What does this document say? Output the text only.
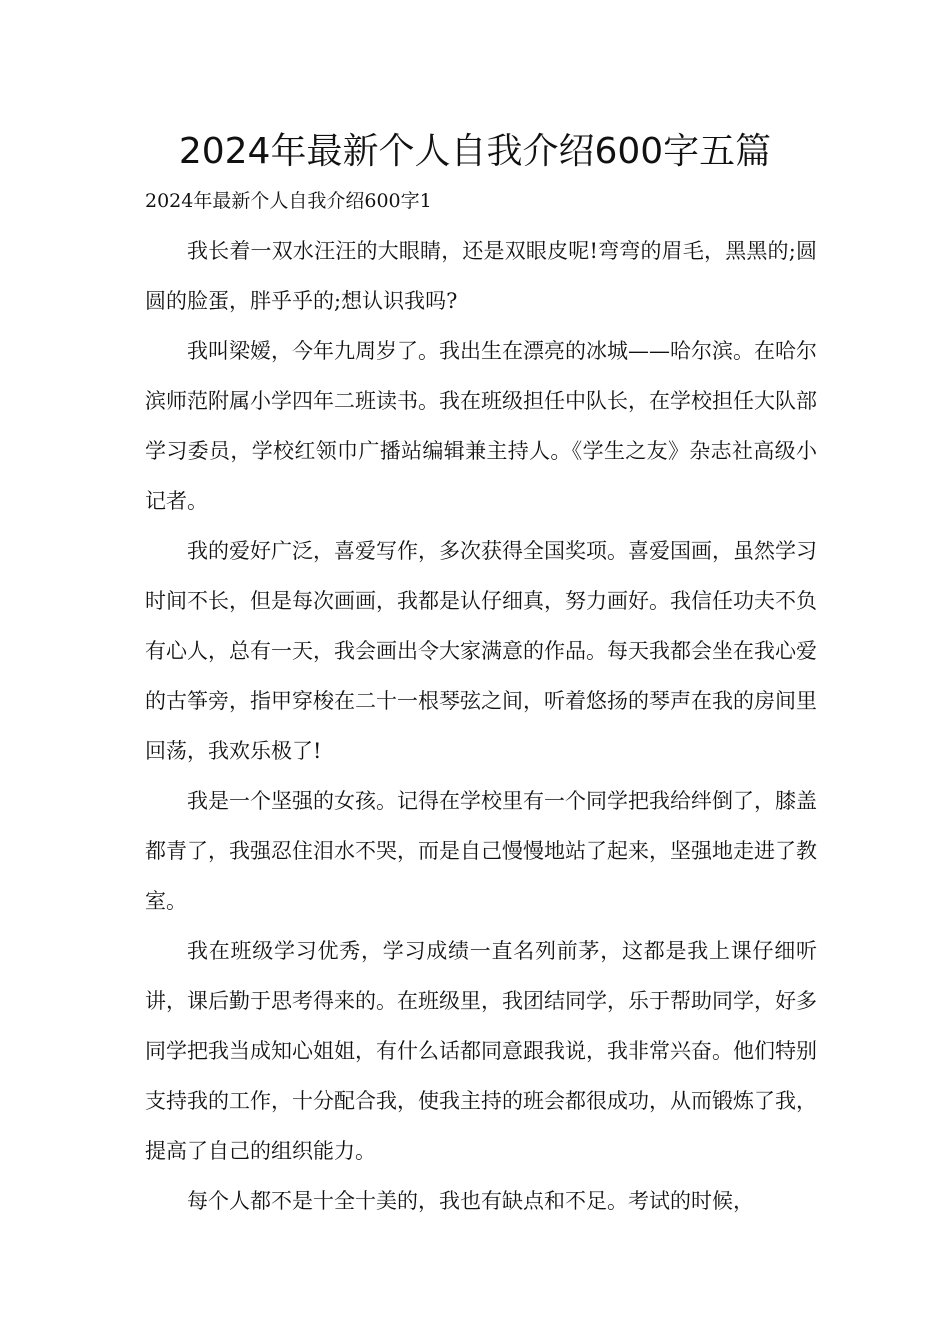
2024年最新个人自我介绍600字五篇
2024年最新个人自我介绍600字1

我长着一双水汪汪的大眼睛，还是双眼皮呢!弯弯的眉毛，黑黑的;圆圆的脸蛋，胖乎乎的;想认识我吗?

我叫梁嫒，今年九周岁了。我出生在漂亮的冰城——哈尔滨。在哈尔滨师范附属小学四年二班读书。我在班级担任中队长，在学校担任大队部学习委员，学校红领巾广播站编辑兼主持人。《学生之友》杂志社高级小记者。

我的爱好广泛，喜爱写作，多次获得全国奖项。喜爱国画，虽然学习时间不长，但是每次画画，我都是认仔细真，努力画好。我信任功夫不负有心人，总有一天，我会画出令大家满意的作品。每天我都会坐在我心爱的古筝旁，指甲穿梭在二十一根琴弦之间，听着悠扬的琴声在我的房间里回荡，我欢乐极了!

我是一个坚强的女孩。记得在学校里有一个同学把我给绊倒了，膝盖都青了，我强忍住泪水不哭，而是自己慢慢地站了起来，坚强地走进了教室。

我在班级学习优秀，学习成绩一直名列前茅，这都是我上课仔细听讲，课后勤于思考得来的。在班级里，我团结同学，乐于帮助同学，好多同学把我当成知心姐姐，有什么话都同意跟我说，我非常兴奋。他们特别支持我的工作，十分配合我，使我主持的班会都很成功，从而锻炼了我，提高了自己的组织能力。

每个人都不是十全十美的，我也有缺点和不足。考试的时候，
